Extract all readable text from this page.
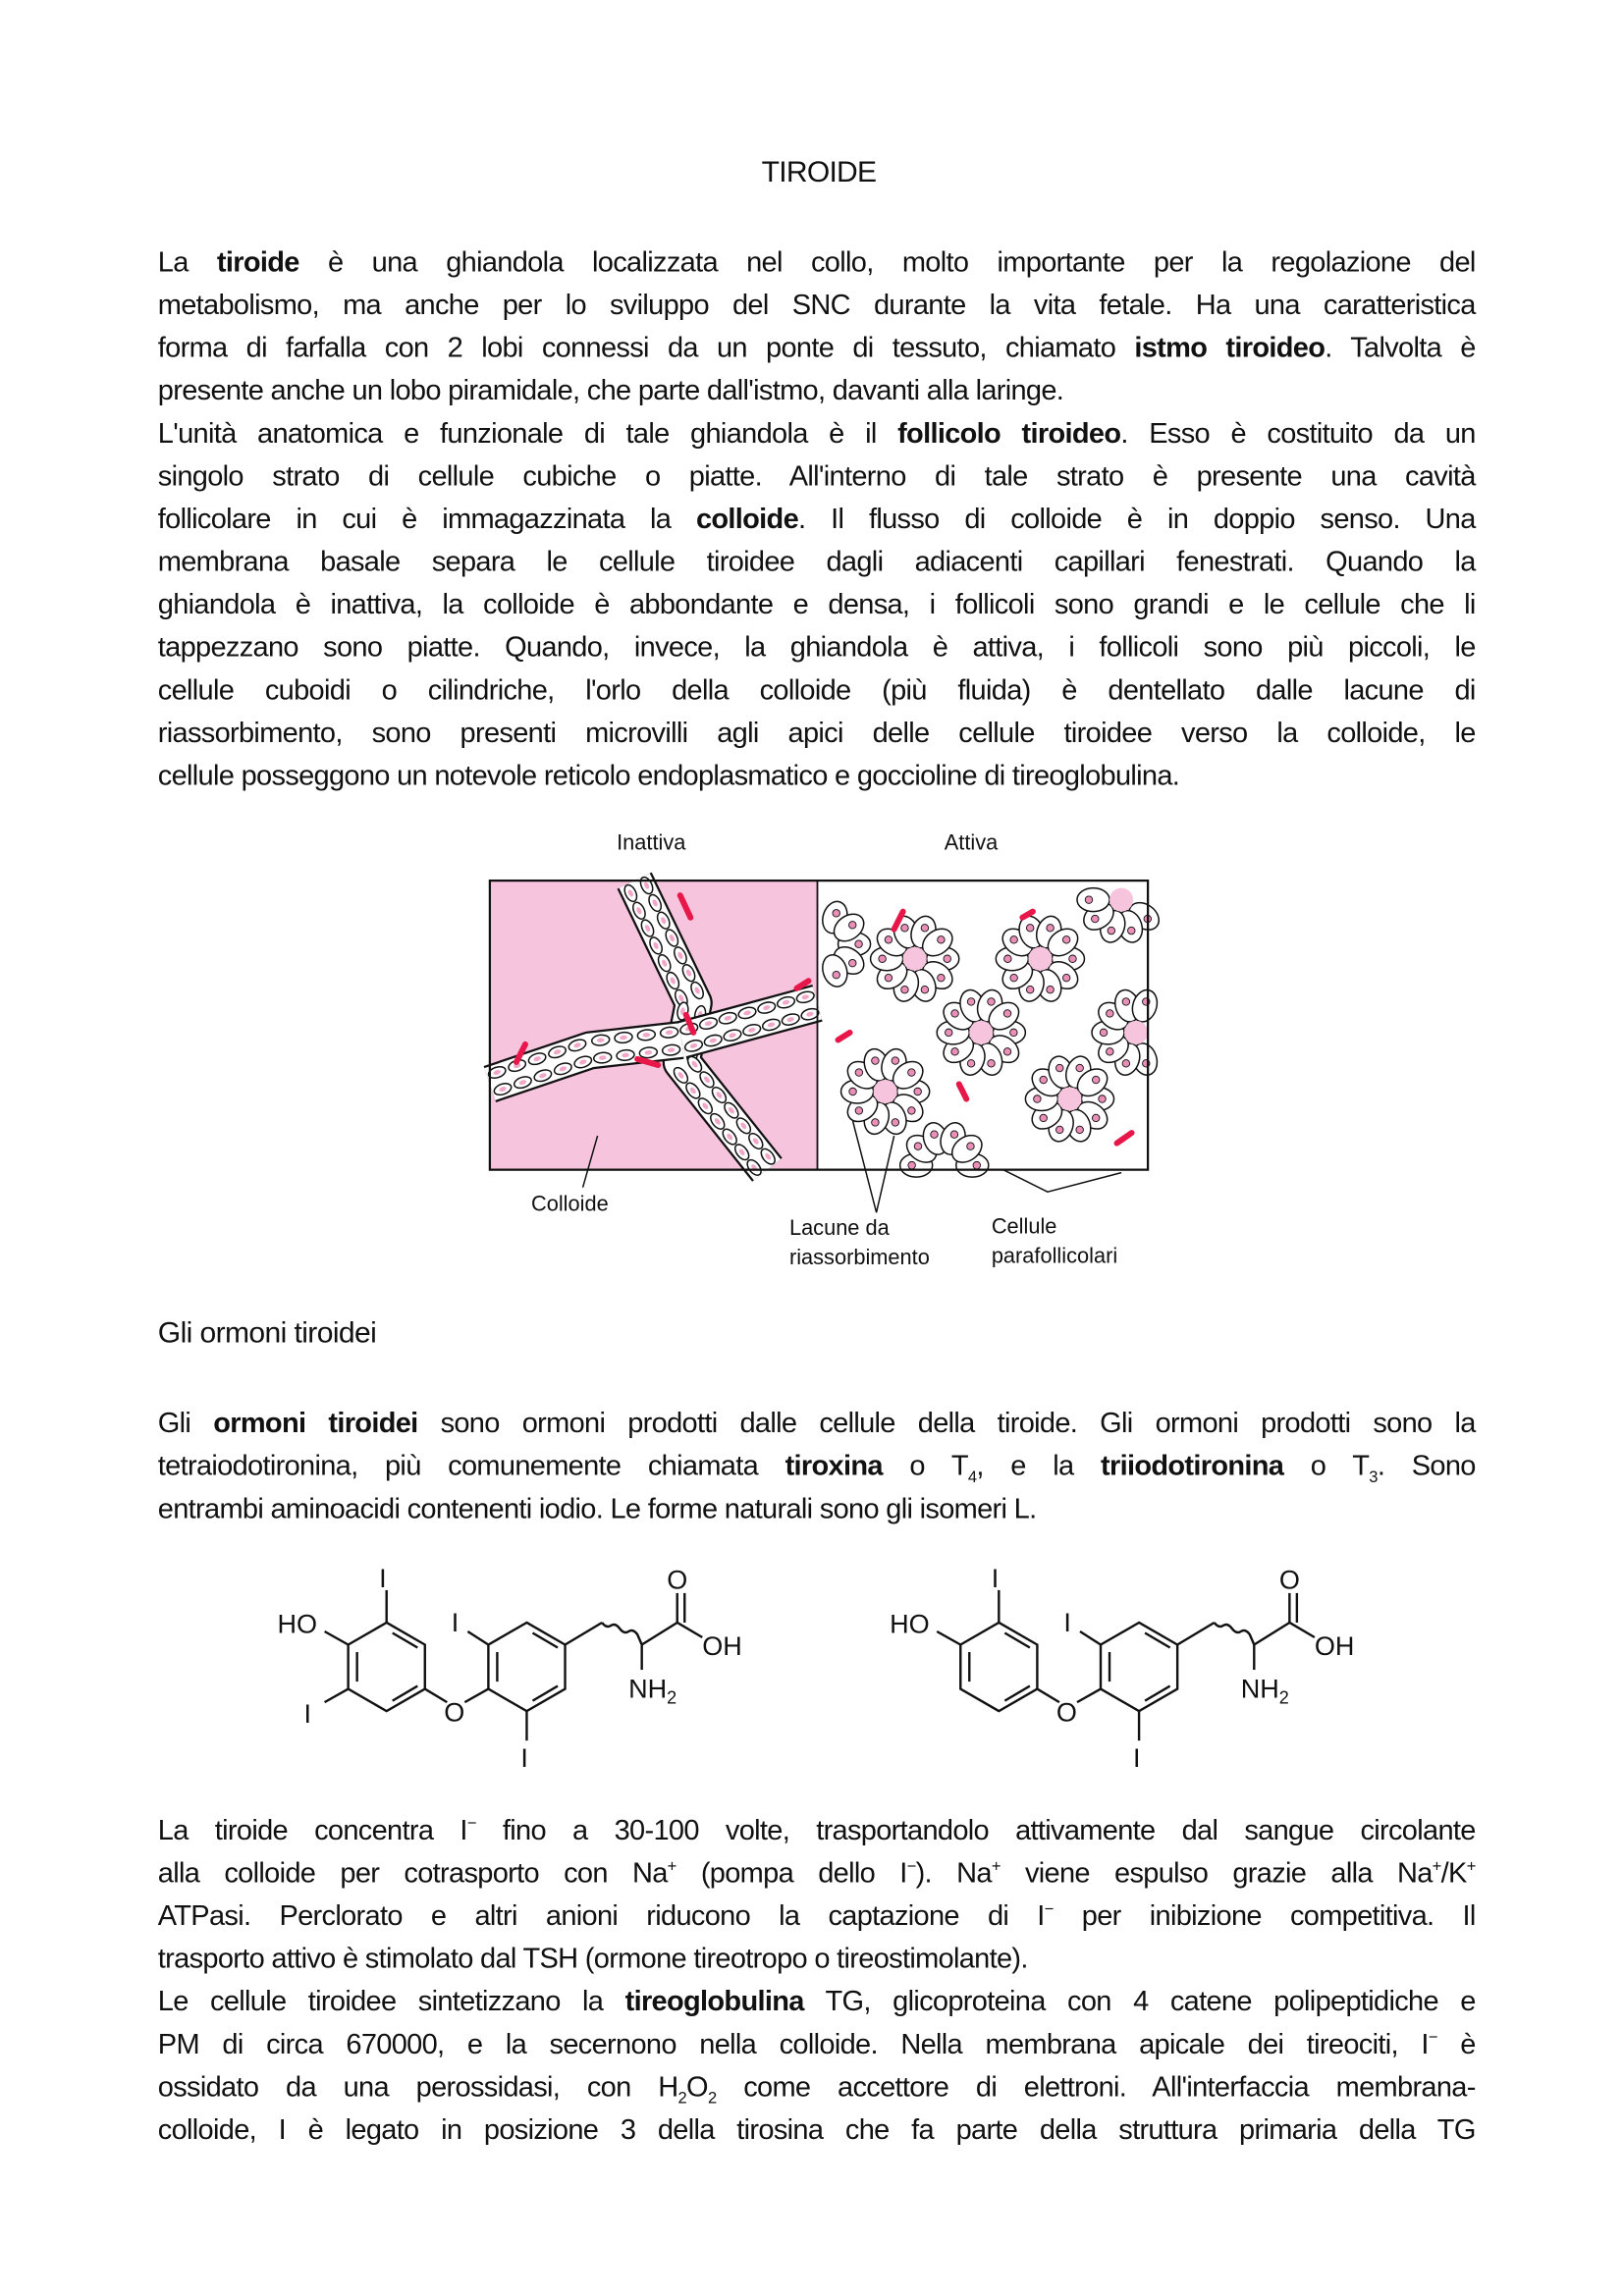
TIROIDE
La tiroide è una ghiandola localizzata nel collo, molto importante per la regolazione del
metabolismo, ma anche per lo sviluppo del SNC durante la vita fetale. Ha una caratteristica
forma di farfalla con 2 lobi connessi da un ponte di tessuto, chiamato istmo tiroideo. Talvolta è
presente anche un lobo piramidale, che parte dall'istmo, davanti alla laringe.
L'unità anatomica e funzionale di tale ghiandola è il follicolo tiroideo. Esso è costituito da un
singolo strato di cellule cubiche o piatte. All'interno di tale strato è presente una cavità
follicolare in cui è immagazzinata la colloide. Il flusso di colloide è in doppio senso. Una
membrana basale separa le cellule tiroidee dagli adiacenti capillari fenestrati. Quando la
ghiandola è inattiva, la colloide è abbondante e densa, i follicoli sono grandi e le cellule che li
tappezzano sono piatte. Quando, invece, la ghiandola è attiva, i follicoli sono più piccoli, le
cellule cuboidi o cilindriche, l'orlo della colloide (più fluida) è dentellato dalle lacune di
riassorbimento, sono presenti microvilli agli apici delle cellule tiroidee verso la colloide, le
cellule posseggono un notevole reticolo endoplasmatico e goccioline di tireoglobulina.
Inattiva	Attiva
Colloide
Lacune da
riassorbimento
Cellule
parafollicolari
Gli ormoni tiroidei
Gli ormoni tiroidei sono ormoni prodotti dalle cellule della tiroide. Gli ormoni prodotti sono la
tetraiodotironina, più comunemente chiamata tiroxina o $T_4$, e la triiodotironina o $T_3$. Sono
entrambi aminoacidi contenenti iodio. Le forme naturali sono gli isomeri L.
I
HO
I	O
I
I
O
OH
$NH_2$
I
HO
O
I
I
O
OH
$NH_2$
La tiroide concentra I− fino a 30-100 volte, trasportandolo attivamente dal sangue circolante
alla colloide per cotrasporto con Na+ (pompa dello I−). Na+ viene espulso grazie alla Na+/K+
ATPasi. Perclorato e altri anioni riducono la captazione di I− per inibizione competitiva. Il
trasporto attivo è stimolato dal TSH (ormone tireotropo o tireostimolante).
Le cellule tiroidee sintetizzano la tireoglobulina TG, glicoproteina con 4 catene polipeptidiche e
PM di circa 670000, e la secernono nella colloide. Nella membrana apicale dei tireociti, I− è
ossidato da una perossidasi, con $H_2O_2$ come accettore di elettroni. All'interfaccia membrana-
colloide, I è legato in posizione 3 della tirosina che fa parte della struttura primaria della TG
